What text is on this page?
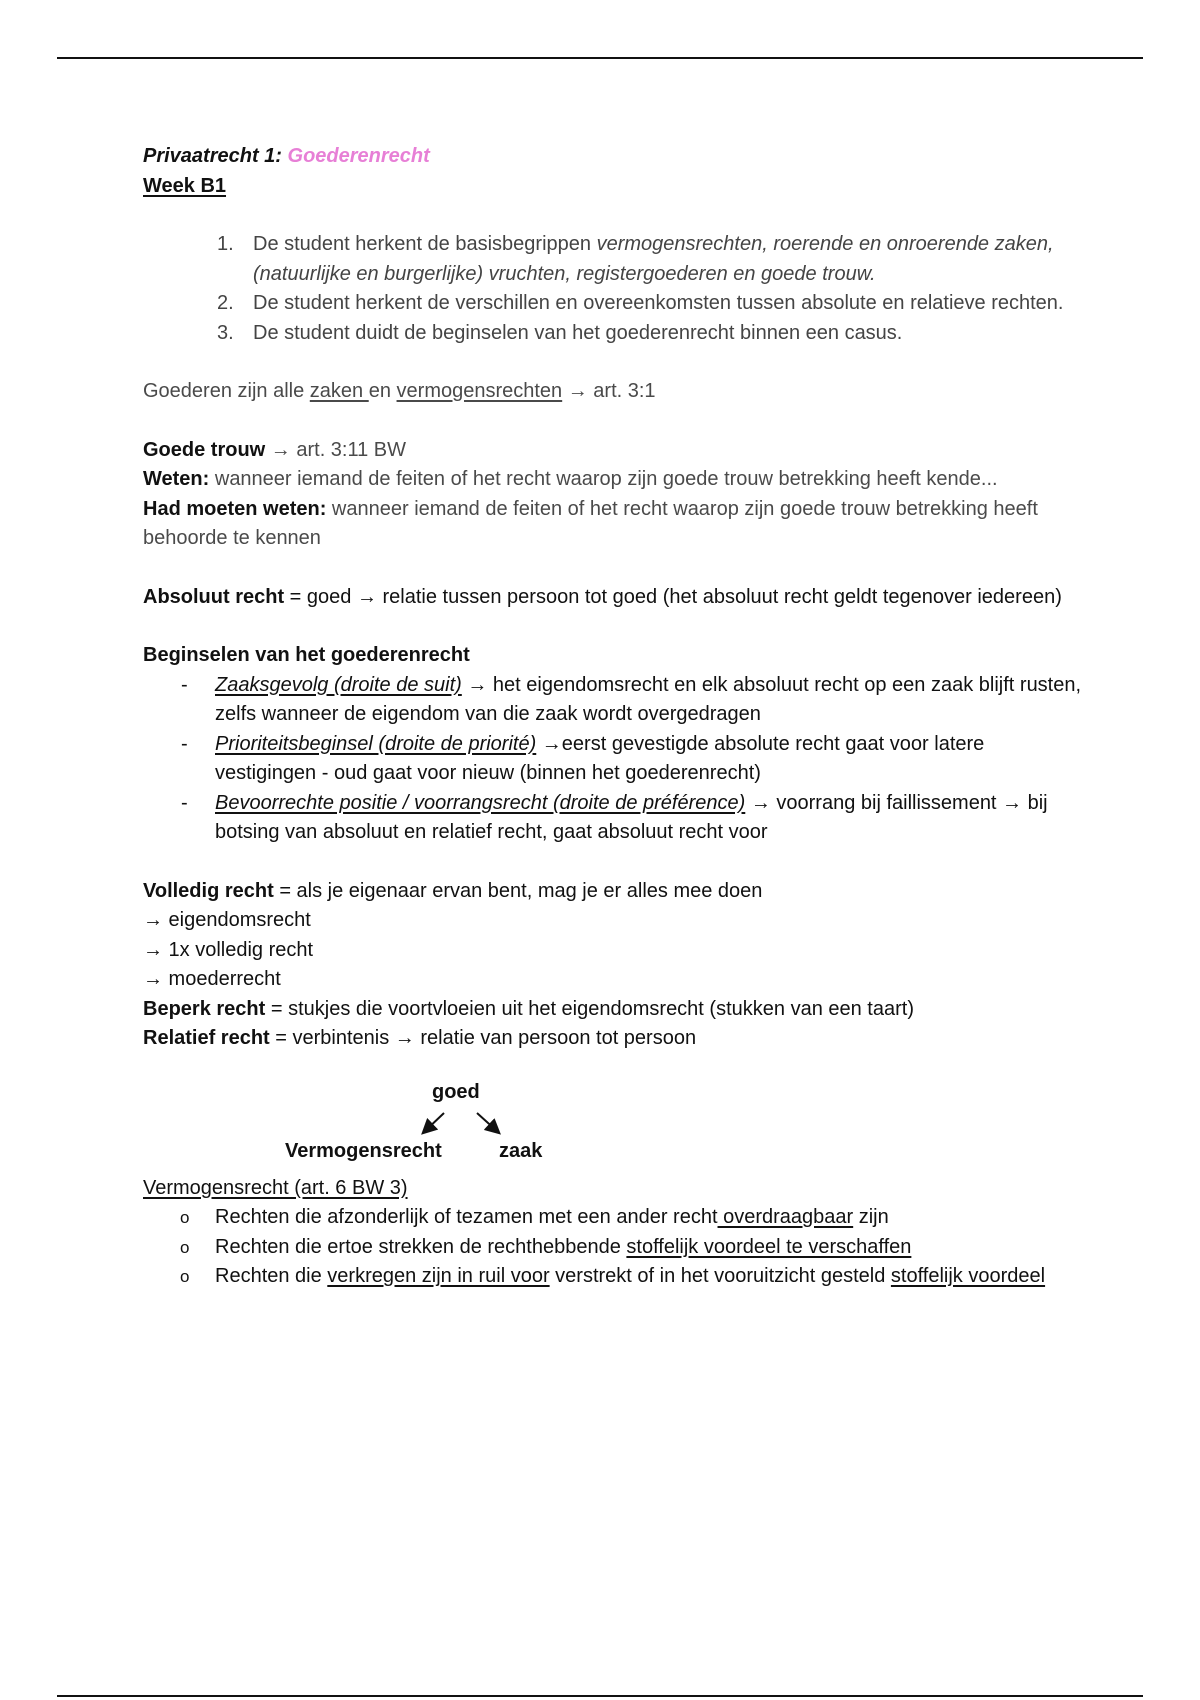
Privaatrecht 1: Goederenrecht

Week B1

1. De student herkent de basisbegrippen vermogensrechten, roerende en onroerende zaken, (natuurlijke en burgerlijke) vruchten, registergoederen en goede trouw.
2. De student herkent de verschillen en overeenkomsten tussen absolute en relatieve rechten.
3. De student duidt de beginselen van het goederenrecht binnen een casus.

Goederen zijn alle zaken en vermogensrechten → art. 3:1

Goede trouw → art. 3:11 BW

Weten: wanneer iemand de feiten of het recht waarop zijn goede trouw betrekking heeft kende...

Had moeten weten: wanneer iemand de feiten of het recht waarop zijn goede trouw betrekking heeft behoorde te kennen

Absoluut recht = goed → relatie tussen persoon tot goed (het absoluut recht geldt tegenover iedereen)

Beginselen van het goederenrecht

- Zaaksgevolg (droite de suit) → het eigendomsrecht en elk absoluut recht op een zaak blijft rusten, zelfs wanneer de eigendom van die zaak wordt overgedragen
- Prioriteitsbeginsel (droite de priorité) →eerst gevestigde absolute recht gaat voor latere vestigingen - oud gaat voor nieuw (binnen het goederenrecht)
- Bevoorrechte positie / voorrangsrecht (droite de préférence) → voorrang bij faillissement → bij botsing van absoluut en relatief recht, gaat absoluut recht voor

Volledig recht = als je eigenaar ervan bent, mag je er alles mee doen

→ eigendomsrecht

→ 1x volledig recht

→ moederrecht

Beperk recht = stukjes die voortvloeien uit het eigendomsrecht (stukken van een taart)

Relatief recht = verbintenis → relatie van persoon tot persoon

goed
Vermogensrecht	zaak

Vermogensrecht (art. 6 BW 3)

o Rechten die afzonderlijk of tezamen met een ander recht overdraagbaar zijn
o Rechten die ertoe strekken de rechthebbende stoffelijk voordeel te verschaffen
o Rechten die verkregen zijn in ruil voor verstrekt of in het vooruitzicht gesteld stoffelijk voordeel
